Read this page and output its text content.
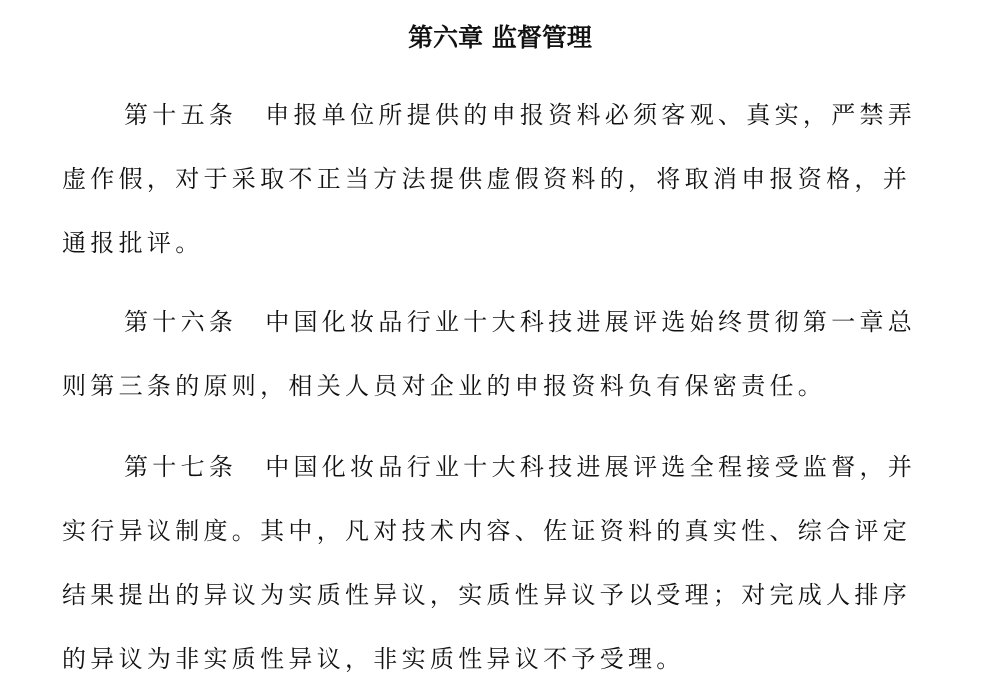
第六章 监督管理
第十五条 申报单位所提供的申报资料必须客观、真实，严禁弄
虚作假，对于采取不正当方法提供虚假资料的，将取消申报资格，并
通报批评。
第十六条 中国化妆品行业十大科技进展评选始终贯彻第一章总
则第三条的原则，相关人员对企业的申报资料负有保密责任。
第十七条 中国化妆品行业十大科技进展评选全程接受监督，并
实行异议制度。其中，凡对技术内容、佐证资料的真实性、综合评定
结果提出的异议为实质性异议，实质性异议予以受理；对完成人排序
的异议为非实质性异议，非实质性异议不予受理。
